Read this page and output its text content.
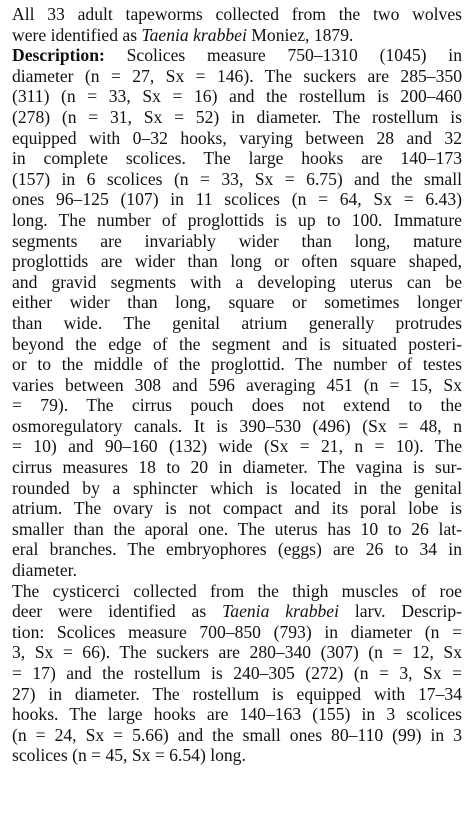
All 33 adult tapeworms collected from the two wolves
were identified as Taenia krabbei Moniez, 1879.
Description: Scolices measure 750–1310 (1045) in
diameter (n = 27, Sx = 146). The suckers are 285–350
(311) (n = 33, Sx = 16) and the rostellum is 200–460
(278) (n = 31, Sx = 52) in diameter. The rostellum is
equipped with 0–32 hooks, varying between 28 and 32
in complete scolices. The large hooks are 140–173
(157) in 6 scolices (n = 33, Sx = 6.75) and the small
ones 96–125 (107) in 11 scolices (n = 64, Sx = 6.43)
long. The number of proglottids is up to 100. Immature
segments are invariably wider than long, mature
proglottids are wider than long or often square shaped,
and gravid segments with a developing uterus can be
either wider than long, square or sometimes longer
than wide. The genital atrium generally protrudes
beyond the edge of the segment and is situated posteri-
or to the middle of the proglottid. The number of testes
varies between 308 and 596 averaging 451 (n = 15, Sx
= 79). The cirrus pouch does not extend to the
osmoregulatory canals. It is 390–530 (496) (Sx = 48, n
= 10) and 90–160 (132) wide (Sx = 21, n = 10). The
cirrus measures 18 to 20 in diameter. The vagina is sur-
rounded by a sphincter which is located in the genital
atrium. The ovary is not compact and its poral lobe is
smaller than the aporal one. The uterus has 10 to 26 lat-
eral branches. The embryophores (eggs) are 26 to 34 in
diameter.
The cysticerci collected from the thigh muscles of roe
deer were identified as Taenia krabbei larv. Descrip-
tion: Scolices measure 700–850 (793) in diameter (n =
3, Sx = 66). The suckers are 280–340 (307) (n = 12, Sx
= 17) and the rostellum is 240–305 (272) (n = 3, Sx =
27) in diameter. The rostellum is equipped with 17–34
hooks. The large hooks are 140–163 (155) in 3 scolices
(n = 24, Sx = 5.66) and the small ones 80–110 (99) in 3
scolices (n = 45, Sx = 6.54) long.
